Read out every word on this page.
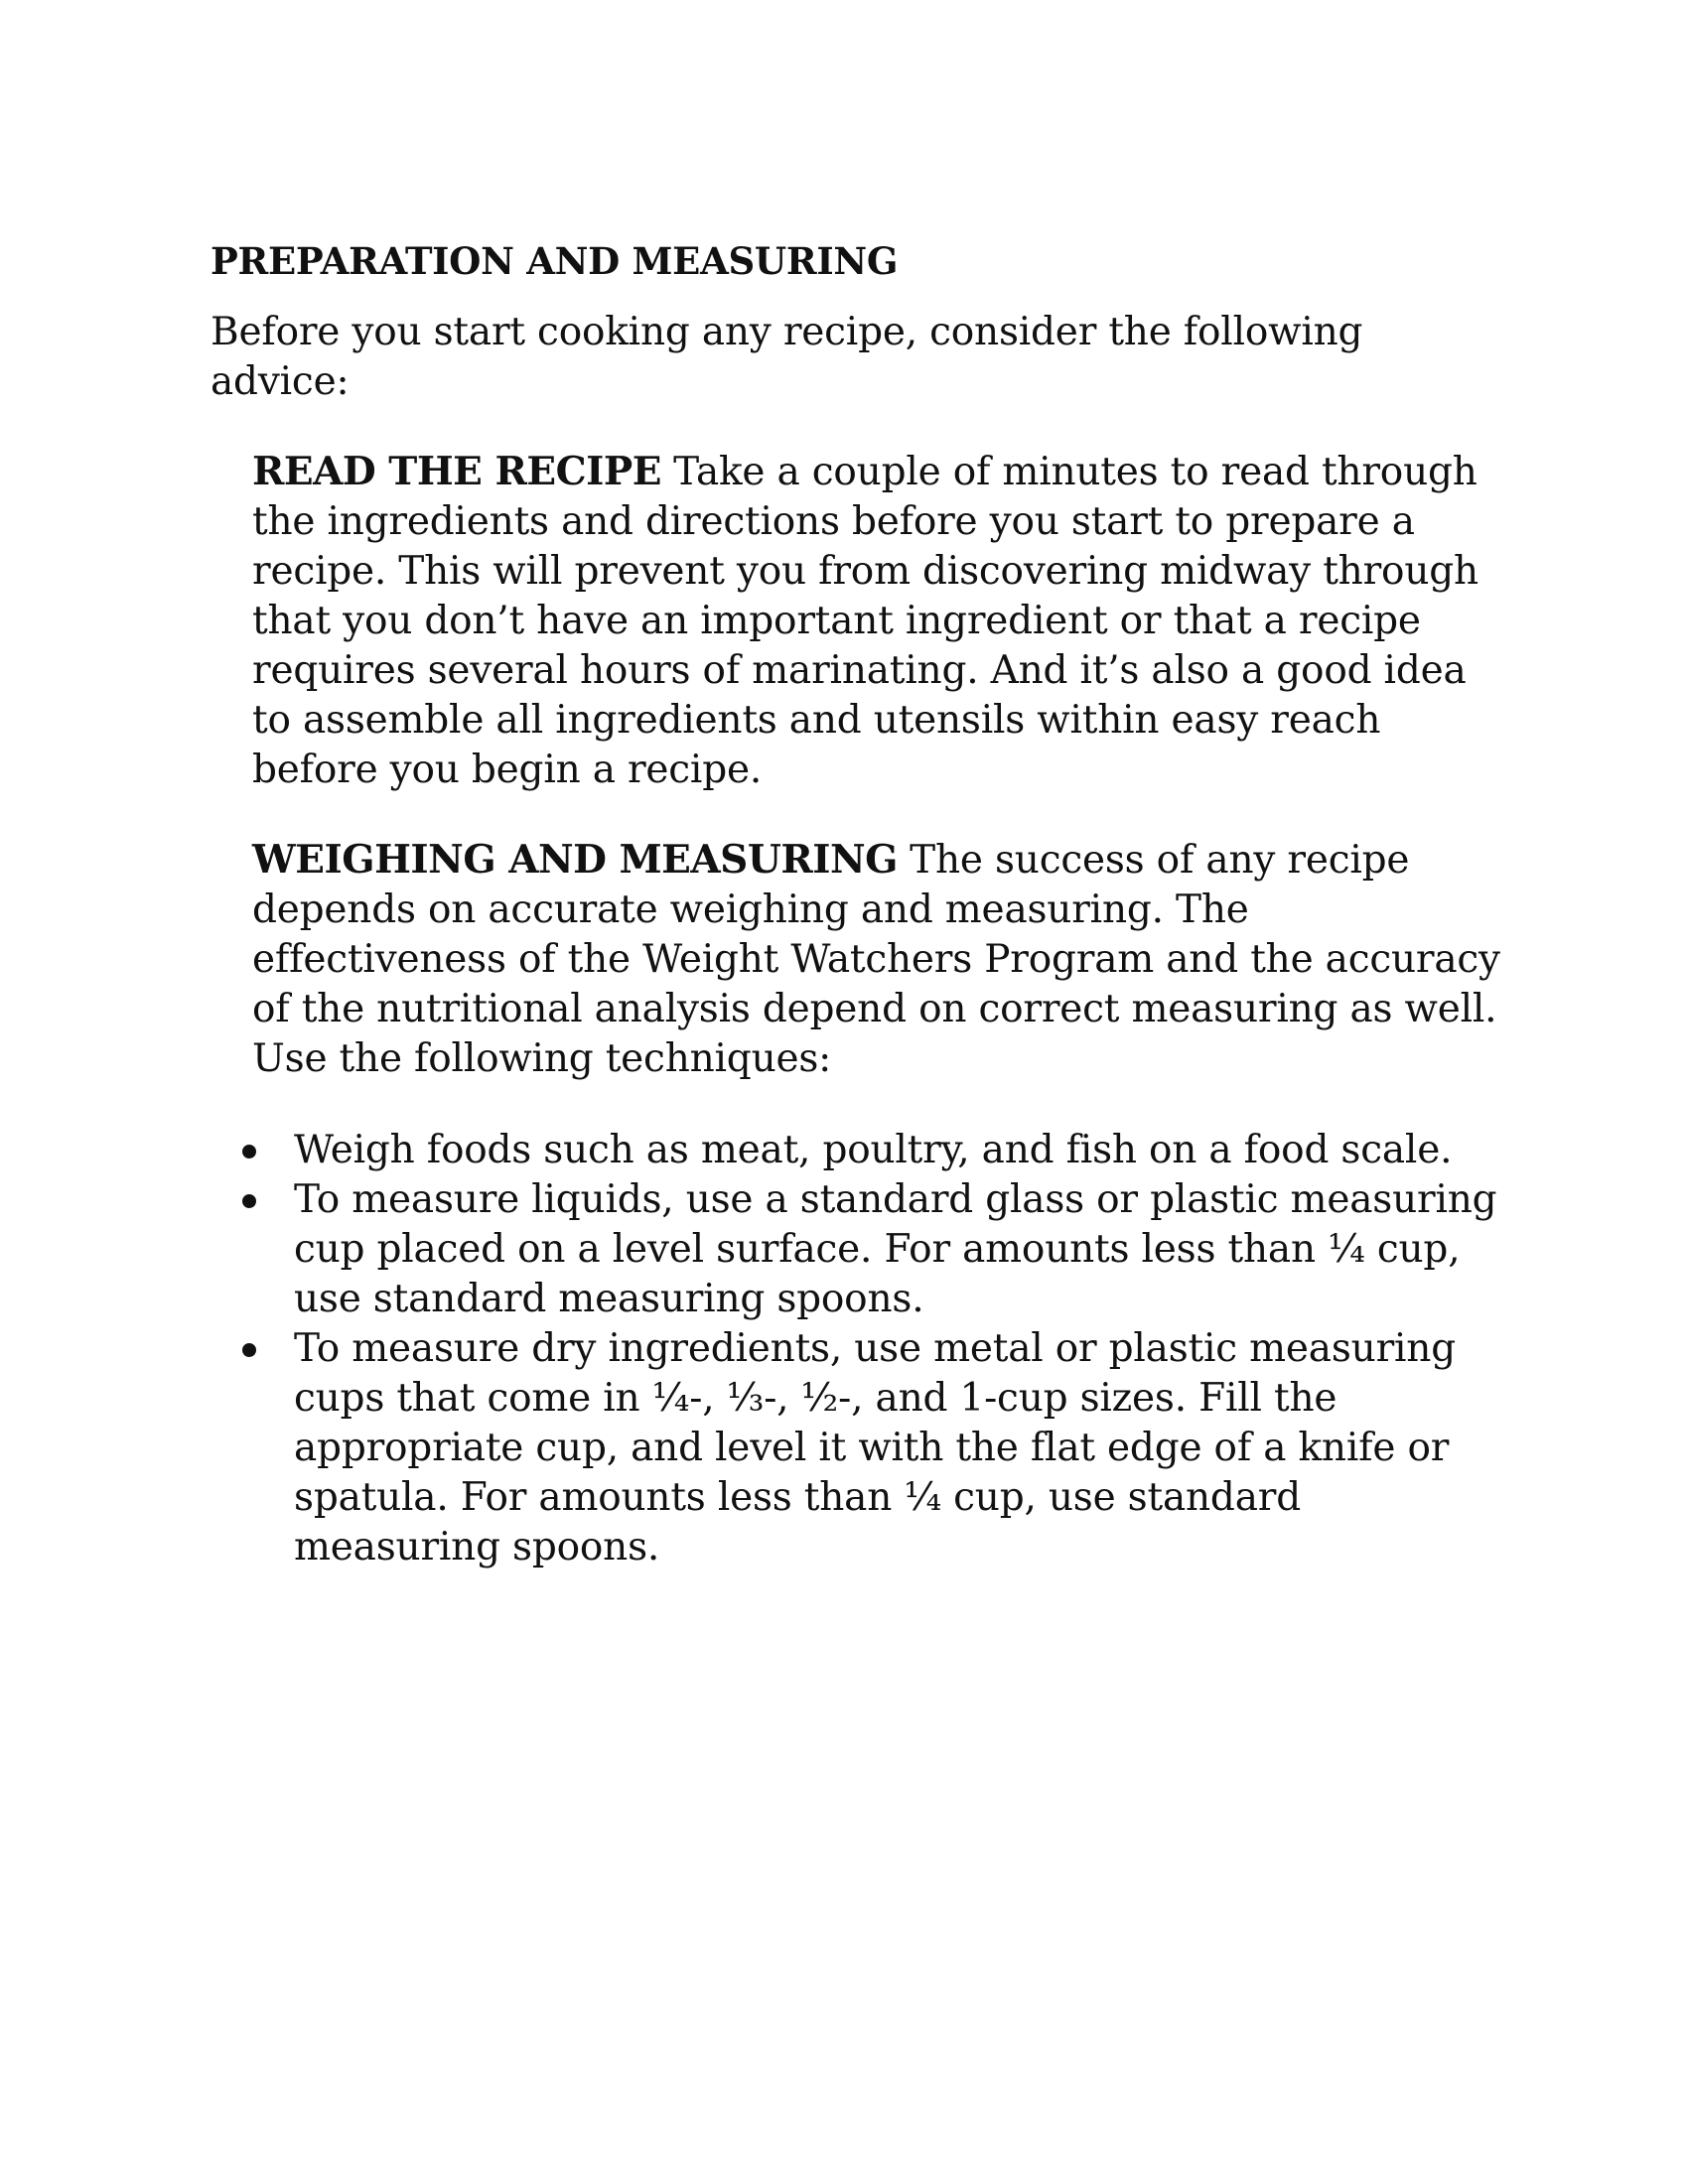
PREPARATION AND MEASURING

Before you start cooking any recipe, consider the following advice:

READ THE RECIPE Take a couple of minutes to read through the ingredients and directions before you start to prepare a recipe. This will prevent you from discovering midway through that you don’t have an important ingredient or that a recipe requires several hours of marinating. And it’s also a good idea to assemble all ingredients and utensils within easy reach before you begin a recipe.
WEIGHING AND MEASURING The success of any recipe depends on accurate weighing and measuring. The effectiveness of the Weight Watchers Program and the accuracy of the nutritional analysis depend on correct measuring as well. Use the following techniques:
Weigh foods such as meat, poultry, and fish on a food scale.
To measure liquids, use a standard glass or plastic measuring cup placed on a level surface. For amounts less than ¼ cup, use standard measuring spoons.
To measure dry ingredients, use metal or plastic measuring cups that come in ¼-, ⅓-, ½-, and 1-cup sizes. Fill the appropriate cup, and level it with the flat edge of a knife or spatula. For amounts less than ¼ cup, use standard measuring spoons.
